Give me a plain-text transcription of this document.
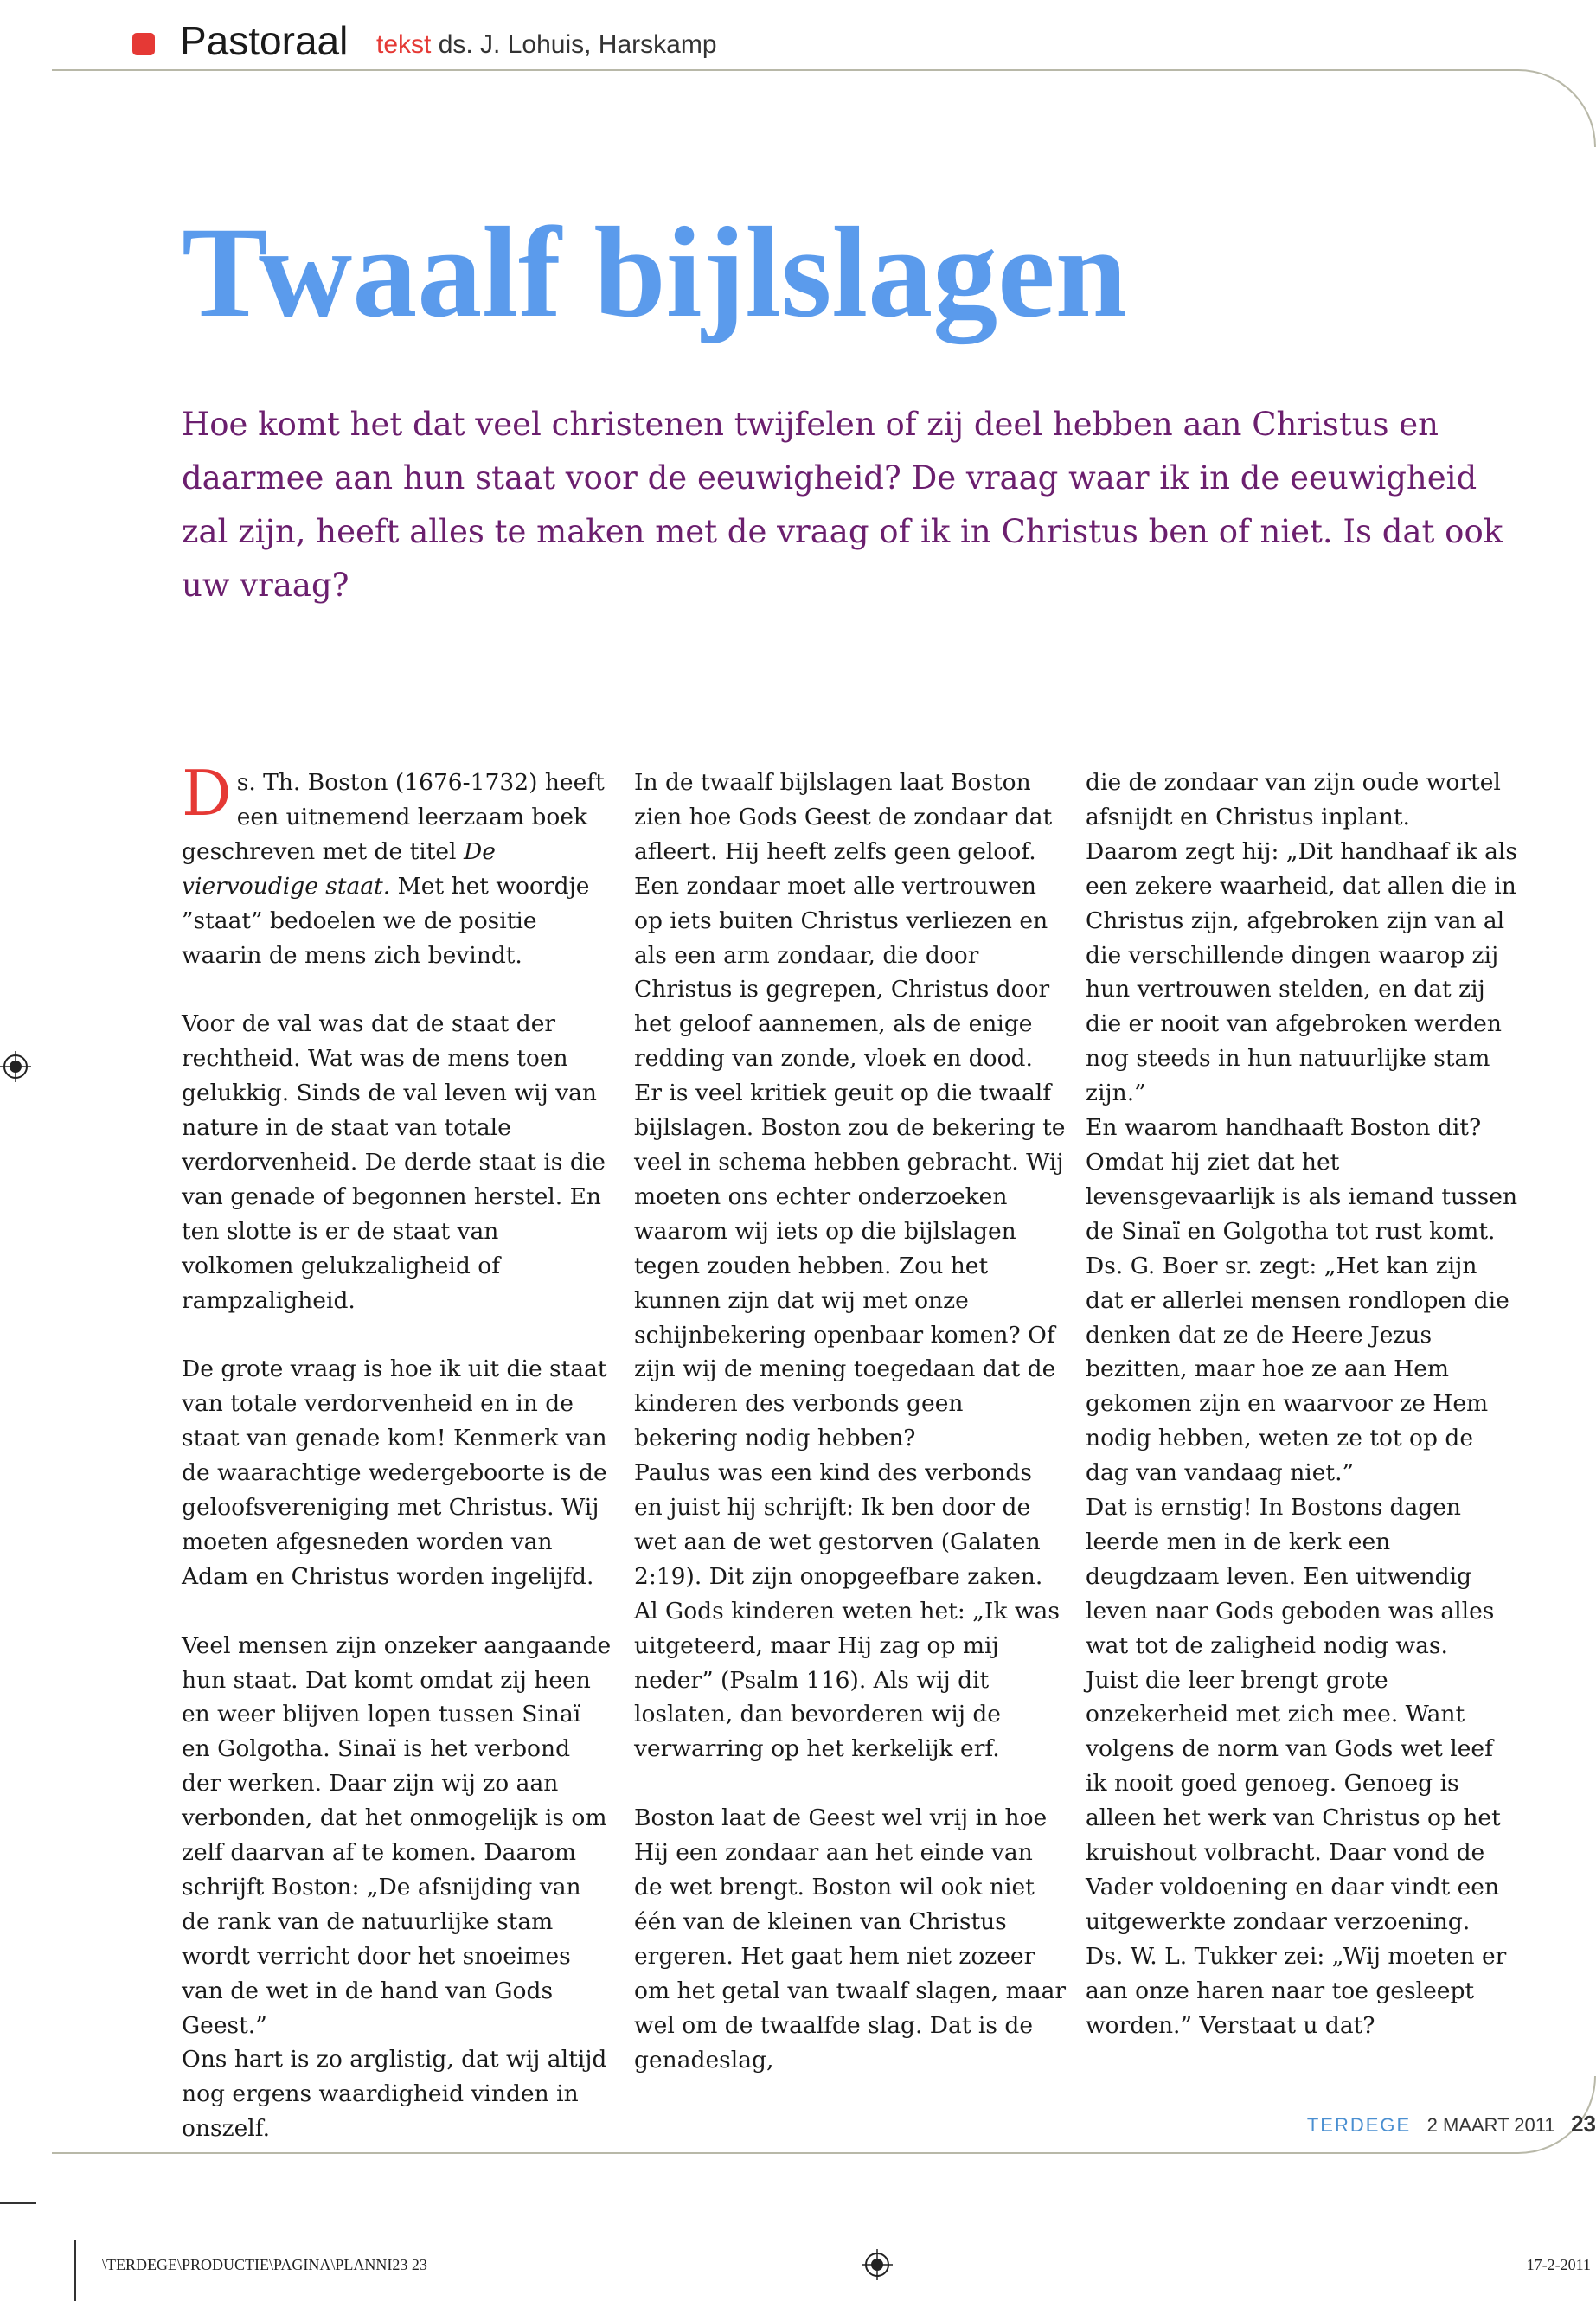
Pastoraal tekst ds. J. Lohuis, Harskamp
Twaalf bijlslagen

Hoe komt het dat veel christenen twijfelen of zij deel hebben aan Christus en daarmee aan hun staat voor de eeuwigheid? De vraag waar ik in de eeuwigheid zal zijn, heeft alles te maken met de vraag of ik in Christus ben of niet. Is dat ook uw vraag?

Ds. Th. Boston (1676-1732) heeft een uitnemend leerzaam boek geschreven met de titel De viervoudige staat. Met het woordje ”staat” bedoelen we de positie waarin de mens zich bevindt.

Voor de val was dat de staat der rechtheid. Wat was de mens toen gelukkig. Sinds de val leven wij van nature in de staat van totale verdorvenheid. De derde staat is die van genade of begonnen herstel. En ten slotte is er de staat van volkomen gelukzaligheid of rampzaligheid.

De grote vraag is hoe ik uit die staat van totale verdorvenheid en in de staat van genade kom! Kenmerk van de waarachtige wedergeboorte is de geloofsvereniging met Christus. Wij moeten afgesneden worden van Adam en Christus worden ingelijfd.

Veel mensen zijn onzeker aangaande hun staat. Dat komt omdat zij heen en weer blijven lopen tussen Sinaï en Golgotha. Sinaï is het verbond der werken. Daar zijn wij zo aan verbonden, dat het onmogelijk is om zelf daarvan af te komen. Daarom schrijft Boston: „De afsnijding van de rank van de natuurlijke stam wordt verricht door het snoeimes van de wet in de hand van Gods Geest.”

Ons hart is zo arglistig, dat wij altijd nog ergens waardigheid vinden in onszelf.

In de twaalf bijlslagen laat Boston zien hoe Gods Geest de zondaar dat afleert. Hij heeft zelfs geen geloof. Een zondaar moet alle vertrouwen op iets buiten Christus verliezen en als een arm zondaar, die door Christus is gegrepen, Christus door het geloof aannemen, als de enige redding van zonde, vloek en dood.

Er is veel kritiek geuit op die twaalf bijlslagen. Boston zou de bekering te veel in schema hebben gebracht. Wij moeten ons echter onderzoeken waarom wij iets op die bijlslagen tegen zouden hebben. Zou het kunnen zijn dat wij met onze schijnbekering openbaar komen? Of zijn wij de mening toegedaan dat de kinderen des verbonds geen bekering nodig hebben?

Paulus was een kind des verbonds en juist hij schrijft: Ik ben door de wet aan de wet gestorven (Galaten 2:19). Dit zijn onopgeefbare zaken. Al Gods kinderen weten het: „Ik was uitgeteerd, maar Hij zag op mij neder” (Psalm 116). Als wij dit loslaten, dan bevorderen wij de verwarring op het kerkelijk erf.

Boston laat de Geest wel vrij in hoe Hij een zondaar aan het einde van de wet brengt. Boston wil ook niet één van de kleinen van Christus ergeren. Het gaat hem niet zozeer om het getal van twaalf slagen, maar wel om de twaalfde slag. Dat is de genadeslag,

die de zondaar van zijn oude wortel afsnijdt en Christus inplant.

Daarom zegt hij: „Dit handhaaf ik als een zekere waarheid, dat allen die in Christus zijn, afgebroken zijn van al die verschillende dingen waarop zij hun vertrouwen stelden, en dat zij die er nooit van afgebroken werden nog steeds in hun natuurlijke stam zijn.”

En waarom handhaaft Boston dit? Omdat hij ziet dat het levensgevaarlijk is als iemand tussen de Sinaï en Golgotha tot rust komt.

Ds. G. Boer sr. zegt: „Het kan zijn dat er allerlei mensen rondlopen die denken dat ze de Heere Jezus bezitten, maar hoe ze aan Hem gekomen zijn en waarvoor ze Hem nodig hebben, weten ze tot op de dag van vandaag niet.”

Dat is ernstig! In Bostons dagen leerde men in de kerk een deugdzaam leven. Een uitwendig leven naar Gods geboden was alles wat tot de zaligheid nodig was.

Juist die leer brengt grote onzekerheid met zich mee. Want volgens de norm van Gods wet leef ik nooit goed genoeg. Genoeg is alleen het werk van Christus op het kruishout volbracht. Daar vond de Vader voldoening en daar vindt een uitgewerkte zondaar verzoening.

Ds. W. L. Tukker zei: „Wij moeten er aan onze haren naar toe gesleept worden.” Verstaat u dat?

TERDEGE 2 MAART 2011 23
\TERDEGE\PRODUCTIE\PAGINA\PLANNI23 23	17-2-2011
